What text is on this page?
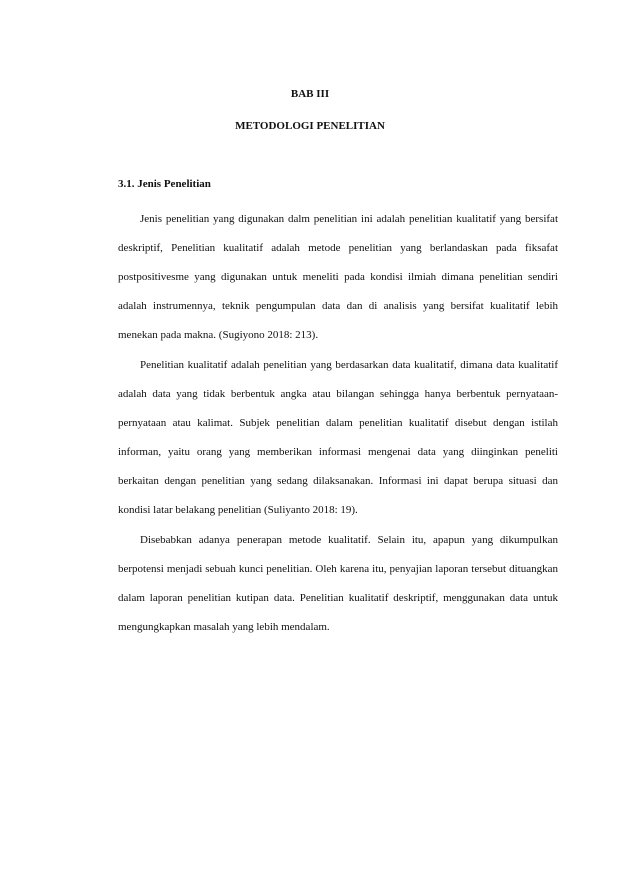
BAB III
METODOLOGI PENELITIAN
3.1. Jenis Penelitian

Jenis penelitian yang digunakan dalm penelitian ini adalah penelitian kualitatif yang bersifat deskriptif, Penelitian kualitatif adalah metode penelitian yang berlandaskan pada fiksafat postpositivesme yang digunakan untuk meneliti pada kondisi ilmiah dimana penelitian sendiri adalah instrumennya, teknik pengumpulan data dan di analisis yang bersifat kualitatif lebih menekan pada makna. (Sugiyono 2018: 213).

Penelitian kualitatif adalah penelitian yang berdasarkan data kualitatif, dimana data kualitatif adalah data yang tidak berbentuk angka atau bilangan sehingga hanya berbentuk pernyataan-pernyataan atau kalimat. Subjek penelitian dalam penelitian kualitatif disebut dengan istilah informan, yaitu orang yang memberikan informasi mengenai data yang diinginkan peneliti berkaitan dengan penelitian yang sedang dilaksanakan. Informasi ini dapat berupa situasi dan kondisi latar belakang penelitian (Suliyanto 2018: 19).

Disebabkan adanya penerapan metode kualitatif. Selain itu, apapun yang dikumpulkan berpotensi menjadi sebuah kunci penelitian. Oleh karena itu, penyajian laporan tersebut dituangkan dalam laporan penelitian kutipan data. Penelitian kualitatif deskriptif, menggunakan data untuk mengungkapkan masalah yang lebih mendalam.
